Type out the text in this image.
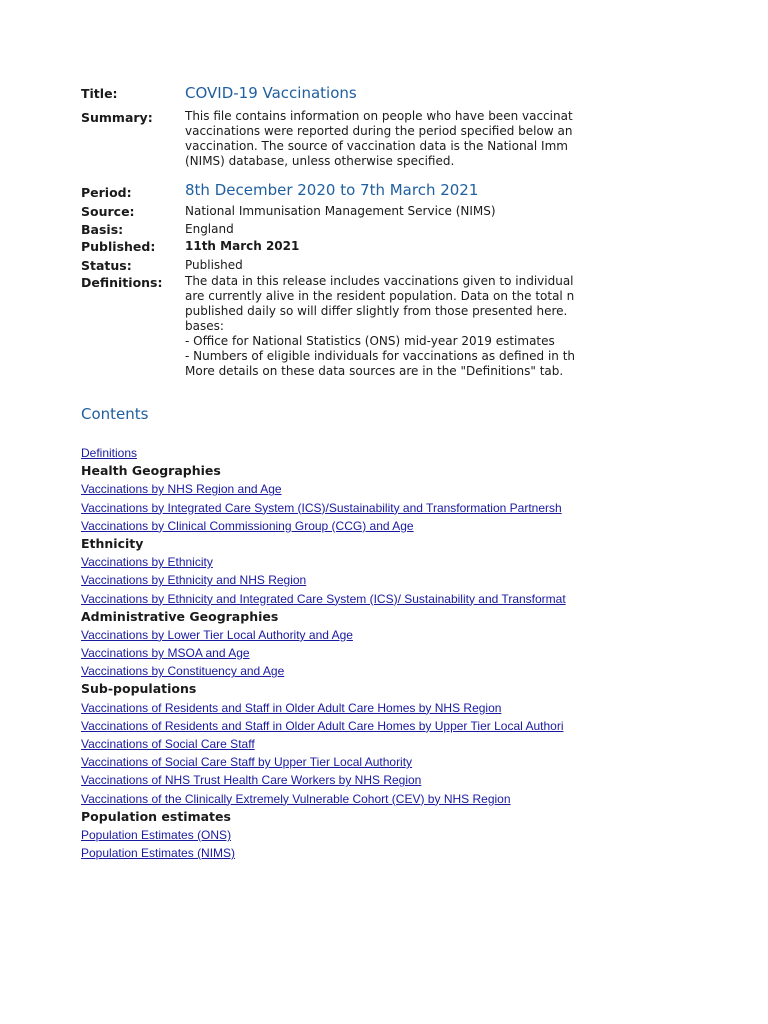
Title:	COVID-19 Vaccinations
Summary:	This file contains information on people who have been vaccinat
vaccinations were reported during the period specified below an
vaccination. The source of vaccination data is the National Imm
(NIMS) database, unless otherwise specified.
Period:	8th December 2020 to 7th March 2021
Source:	National Immunisation Management Service (NIMS)
Basis:	England
Published: 11th March 2021
Status:	Published
Definitions: The data in this release includes vaccinations given to individual
are currently alive in the resident population. Data on the total n
published daily so will differ slightly from those presented here.
bases:
- Office for National Statistics (ONS) mid-year 2019 estimates
- Numbers of eligible individuals for vaccinations as defined in th
More details on these data sources are in the "Definitions" tab.
Contents
Definitions
Health Geographies
Vaccinations by NHS Region and Age
Vaccinations by Integrated Care System (ICS)/Sustainability and Transformation Partnersh
Vaccinations by Clinical Commissioning Group (CCG) and Age
Ethnicity
Vaccinations by Ethnicity
Vaccinations by Ethnicity and NHS Region
Vaccinations by Ethnicity and Integrated Care System (ICS)/ Sustainability and Transformat
Administrative Geographies
Vaccinations by Lower Tier Local Authority and Age
Vaccinations by MSOA and Age
Vaccinations by Constituency and Age
Sub-populations
Vaccinations of Residents and Staff in Older Adult Care Homes by NHS Region
Vaccinations of Residents and Staff in Older Adult Care Homes by Upper Tier Local Authori
Vaccinations of Social Care Staff
Vaccinations of Social Care Staff by Upper Tier Local Authority
Vaccinations of NHS Trust Health Care Workers by NHS Region
Vaccinations of the Clinically Extremely Vulnerable Cohort (CEV) by NHS Region
Population estimates
Population Estimates (ONS)
Population Estimates (NIMS)
